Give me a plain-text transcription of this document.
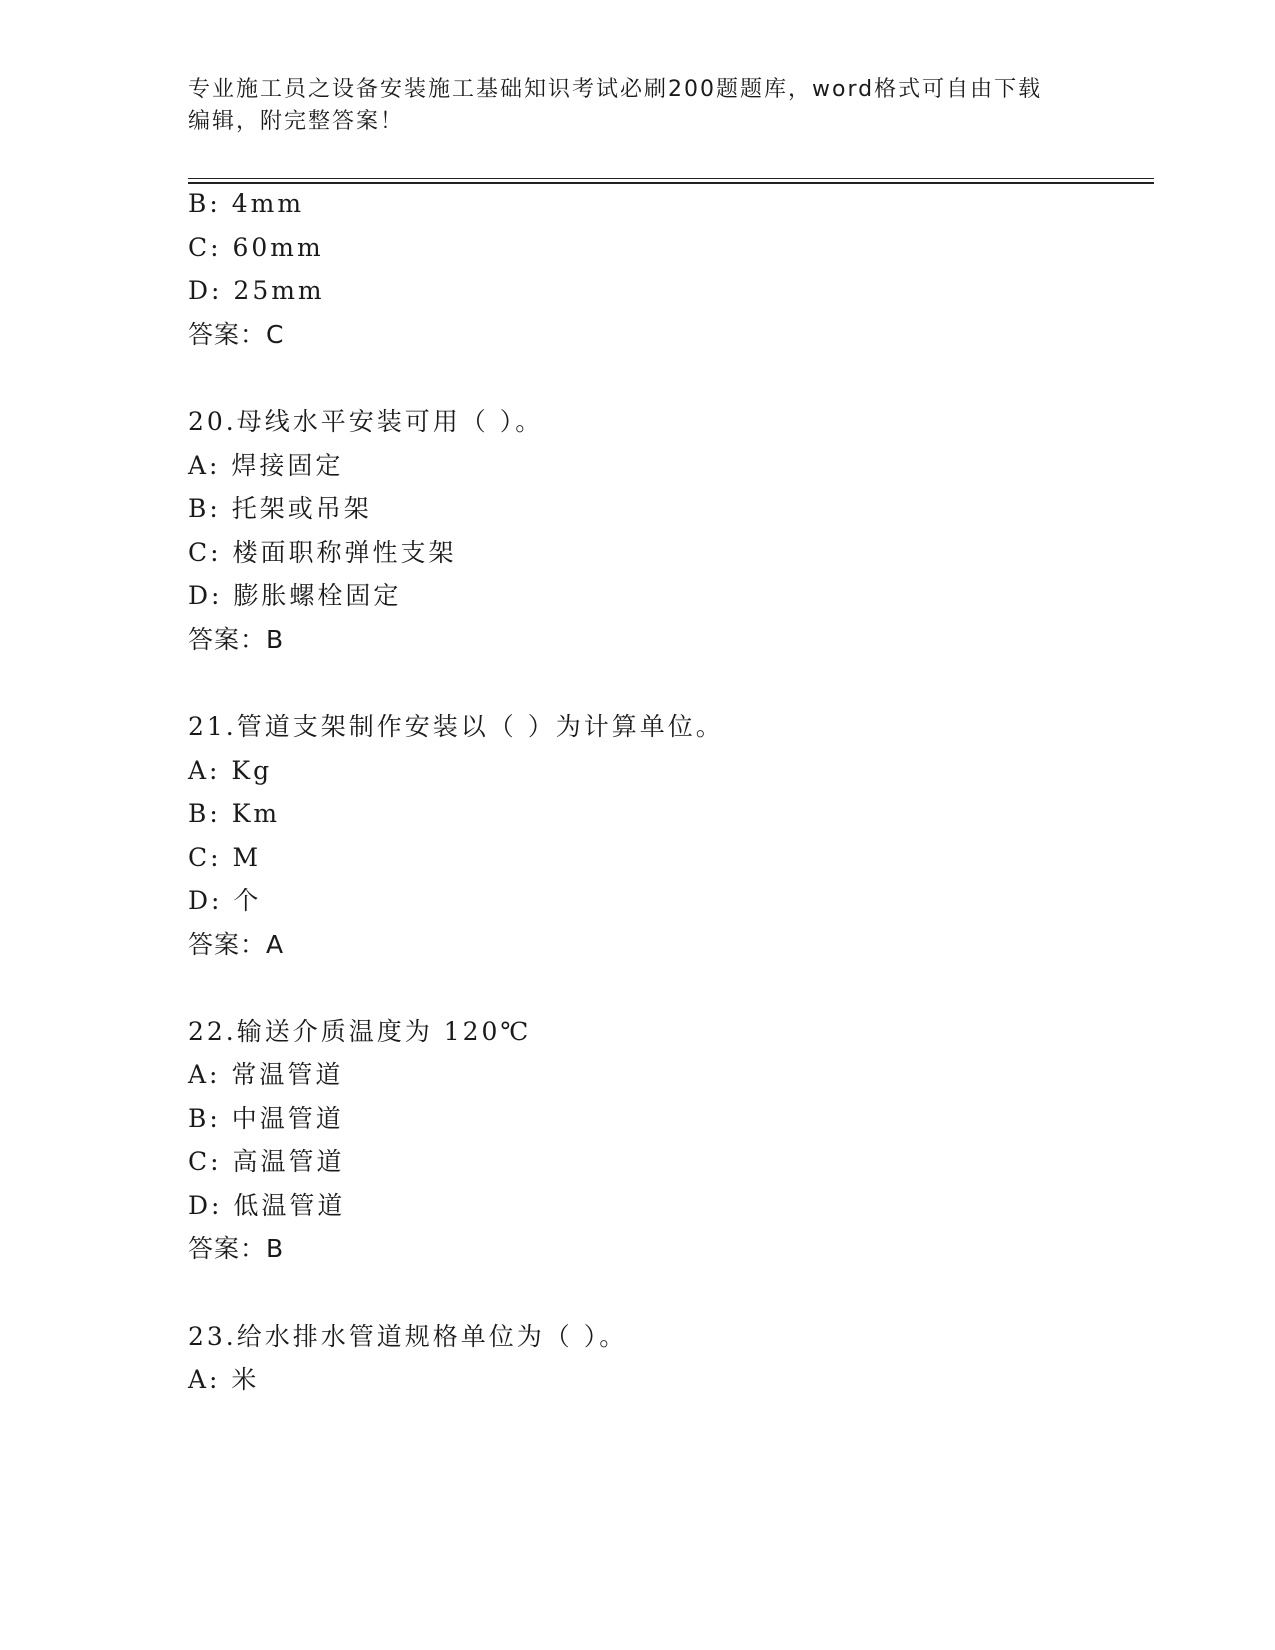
专业施工员之设备安装施工基础知识考试必刷200题题库，word格式可自由下载
编辑，附完整答案！
B: 4mm
C: 60mm
D: 25mm
答案：C
20.母线水平安装可用（ ）。
A: 焊接固定
B: 托架或吊架
C: 楼面职称弹性支架
D: 膨胀螺栓固定
答案：B
21.管道支架制作安装以（ ）为计算单位。
A: Kg
B: Km
C: M
D: 个
答案：A
22.输送介质温度为 120℃
A: 常温管道
B: 中温管道
C: 高温管道
D: 低温管道
答案：B
23.给水排水管道规格单位为（ ）。
A: 米
